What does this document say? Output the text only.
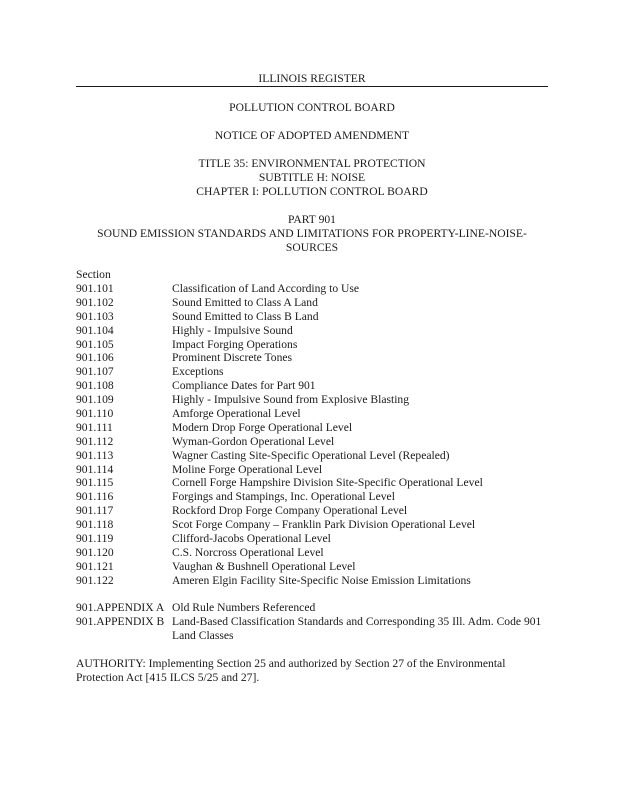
ILLINOIS REGISTER
POLLUTION CONTROL BOARD
NOTICE OF ADOPTED AMENDMENT
TITLE 35: ENVIRONMENTAL PROTECTION
SUBTITLE H: NOISE
CHAPTER I: POLLUTION CONTROL BOARD
PART 901
SOUND EMISSION STANDARDS AND LIMITATIONS FOR PROPERTY-LINE-NOISE-
SOURCES
Section
901.101	Classification of Land According to Use
901.102	Sound Emitted to Class A Land
901.103	Sound Emitted to Class B Land
901.104	Highly - Impulsive Sound
901.105	Impact Forging Operations
901.106	Prominent Discrete Tones
901.107	Exceptions
901.108	Compliance Dates for Part 901
901.109	Highly - Impulsive Sound from Explosive Blasting
901.110	Amforge Operational Level
901.111	Modern Drop Forge Operational Level
901.112	Wyman-Gordon Operational Level
901.113	Wagner Casting Site-Specific Operational Level (Repealed)
901.114	Moline Forge Operational Level
901.115	Cornell Forge Hampshire Division Site-Specific Operational Level
901.116	Forgings and Stampings, Inc. Operational Level
901.117	Rockford Drop Forge Company Operational Level
901.118	Scot Forge Company – Franklin Park Division Operational Level
901.119	Clifford-Jacobs Operational Level
901.120	C.S. Norcross Operational Level
901.121	Vaughan & Bushnell Operational Level
901.122	Ameren Elgin Facility Site-Specific Noise Emission Limitations
901.APPENDIX A Old Rule Numbers Referenced
901.APPENDIX B Land-Based Classification Standards and Corresponding 35 Ill. Adm. Code 901 Land Classes
AUTHORITY: Implementing Section 25 and authorized by Section 27 of the Environmental Protection Act [415 ILCS 5/25 and 27].
